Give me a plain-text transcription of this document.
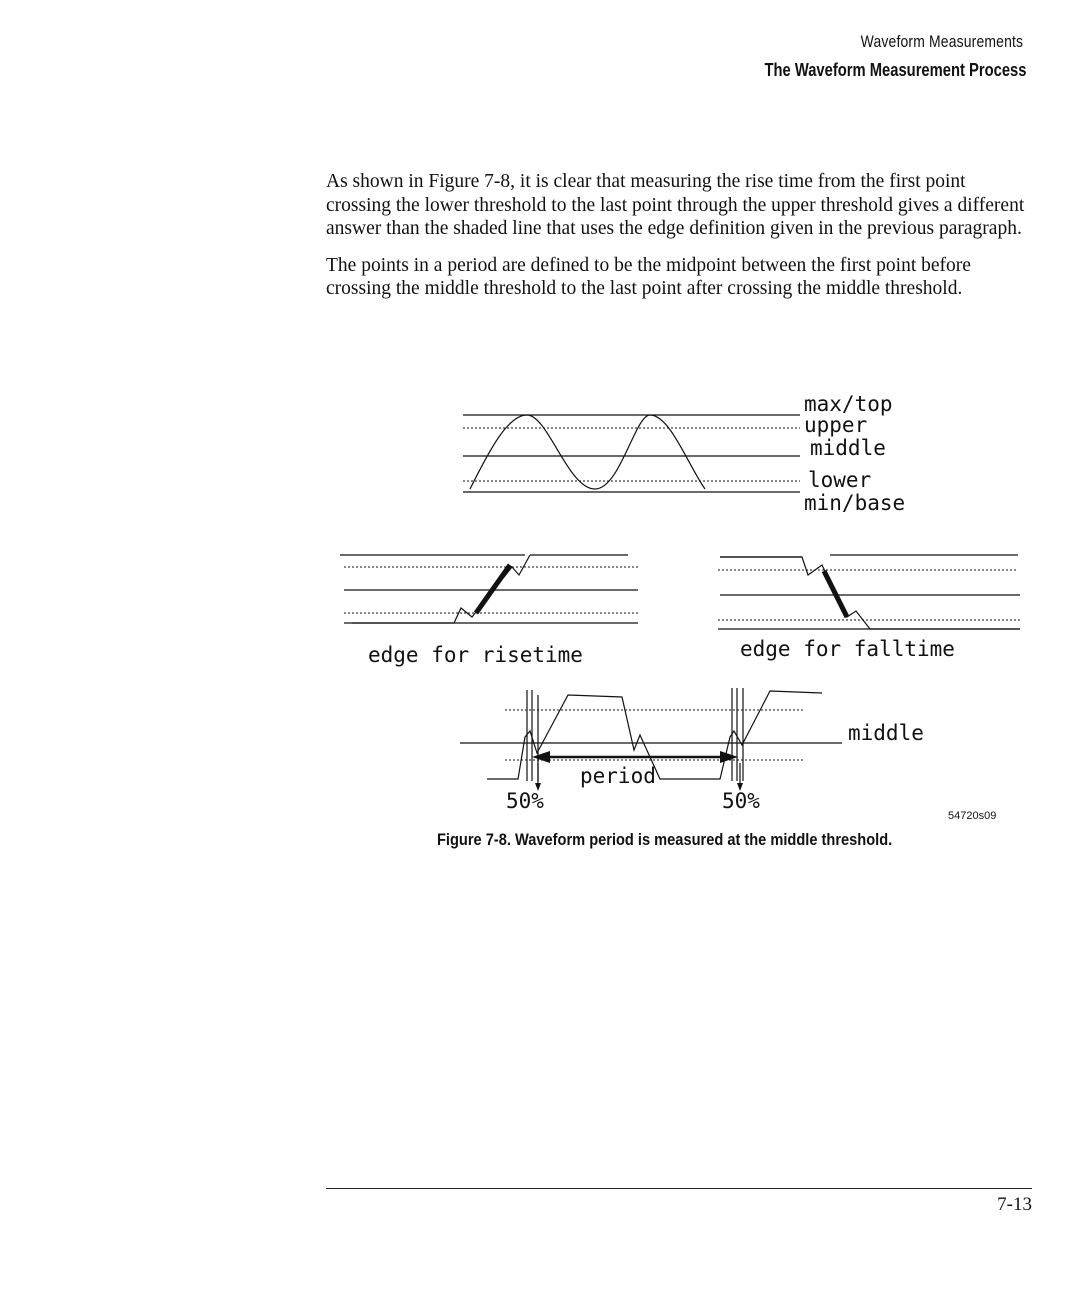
Waveform Measurements
The Waveform Measurement Process

As shown in Figure 7-8, it is clear that measuring the rise time from the first point crossing the lower threshold to the last point through the upper threshold gives a different answer than the shaded line that uses the edge definition given in the previous paragraph.

The points in a period are defined to be the midpoint between the first point before crossing the middle threshold to the last point after crossing the middle threshold.

max/top
upper
middle
lower
min/base
edge for risetime	edge for falltime
middle
period
50%	50%
54720s09
Figure 7-8. Waveform period is measured at the middle threshold.
7-13
